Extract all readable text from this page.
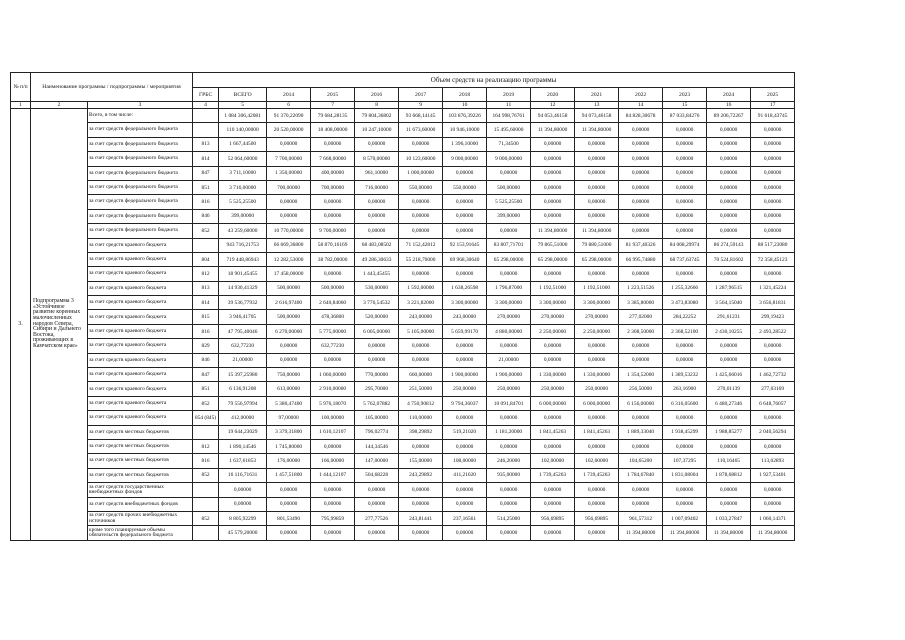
№ п/п	Наименование программы / подпрограммы / мероприятия		Объем средств на реализацию программы													
			ГРБС	ВСЕГО	2014	2015	2016	2017	2018	2019	2020	2021	2022	2023	2024	2025
1	2	3	4	5	6	7	8	9	10	11	12	13	14	15	16	17
3.	Подпрограмма 3 «Устойчивое развитие коренных малочисленных народов Севера, Сибири и Дальнего Востока, проживающих в Камчатском крае»	Всего, в том числе:		1 084 306,42081	91 370,22090	79 684,28135	79 804,36802	93 668,14145	103 876,39226	164 998,76761	94 053,46158	94 073,46158	84 828,30678	87 033,84276	89 206,72267	91 618,43745
		за счет средств федерального бюджета		110 140,00000	20 520,00000	18 408,00000	10 247,10000	11 673,60000	10 946,10000	15 495,60000	11 394,80000	11 394,80000	0,00000	0,00000	0,00000	0,00000
		за счет средств федерального бюджета	813	1 667,44500	0,00000	0,00000	0,00000	0,00000	1 396,10000	71,34500	0,00000	0,00000	0,00000	0,00000	0,00000	0,00000
		за счет средств федерального бюджета	814	52 064,60000	7 700,00000	7 668,00000	8 570,00000	10 123,60000	9 000,00000	9 000,00000	0,00000	0,00000	0,00000	0,00000	0,00000	0,00000
		за счет средств федерального бюджета	847	3 711,10000	1 350,00000	400,00000	961,10000	1 000,00000	0,00000	0,00000	0,00000	0,00000	0,00000	0,00000	0,00000	0,00000
		за счет средств федерального бюджета	851	3 716,00000	700,00000	700,00000	716,00000	550,00000	550,00000	500,00000	0,00000	0,00000	0,00000	0,00000	0,00000	0,00000
		за счет средств федерального бюджета	816	5 525,25500	0,00000	0,00000	0,00000	0,00000	0,00000	5 525,25500	0,00000	0,00000	0,00000	0,00000	0,00000	0,00000
		за счет средств федерального бюджета	846	399,00000	0,00000	0,00000	0,00000	0,00000	0,00000	399,00000	0,00000	0,00000	0,00000	0,00000	0,00000	0,00000
		за счет средств федерального бюджета	852	43 259,60000	10 770,00000	9 700,00000	0,00000	0,00000	0,00000	0,00000	11 394,80000	11 394,80000	0,00000	0,00000	0,00000	0,00000
		за счет средств краевого бюджета		943 716,21753	66 669,36800	58 870,16169	68 483,08502	71 152,42812	92 153,91645	83 807,71701	79 865,51000	79 880,51000	81 937,40326	84 068,29974	86 274,59143	88 517,23080
		за счет средств краевого бюджета	804	719 448,86943	12 282,53000	38 782,00000	49 286,30633	55 218,70000	69 968,30640	65 298,00000	65 298,00000	65 298,00000	66 995,74880	68 737,63745	70 524,81602	72 358,45123
		за счет средств краевого бюджета	812	18 901,45455	17 458,00000	0,00000	1 443,45455	0,00000	0,00000	0,00000	0,00000	0,00000	0,00000	0,00000	0,00000	0,00000
		за счет средств краевого бюджета	813	14 930,41329	500,00000	500,00000	530,00000	1 592,00000	1 638,26598	1 796,87000	1 192,51000	1 192,51000	1 223,51526	1 255,32666	1 287,96515	1 321,45224
		за счет средств краевого бюджета	814	39 536,77932	2 616,97400	2 640,84060	3 776,54532	3 221,82000	3 300,00000	3 300,00000	3 300,00000	3 300,00000	3 385,80000	3 473,83080	3 564,15040	3 656,81831
		за счет средств краевого бюджета	815	3 946,41705	500,00000	478,36800	520,00000	243,00000	243,00000	270,00000	270,00000	270,00000	277,02000	284,22252	291,61231	299,19423
		за счет средств краевого бюджета	816	47 795,40046	6 270,00000	5 775,00000	6 005,00000	5 105,00000	5 659,99170	4 880,00000	2 250,00000	2 250,00000	2 308,50000	2 368,52100	2 430,10255	2 493,28522
		за счет средств краевого бюджета	829	632,77230	0,00000	632,77230	0,00000	0,00000	0,00000	0,00000	0,00000	0,00000	0,00000	0,00000	0,00000	0,00000
		за счет средств краевого бюджета	846	21,00000	0,00000	0,00000	0,00000	0,00000	0,00000	21,00000	0,00000	0,00000	0,00000	0,00000	0,00000	0,00000
		за счет средств краевого бюджета	847	15 397,25980	750,00000	1 060,00000	770,00000	660,00000	1 900,00000	1 900,00000	1 330,00000	1 330,00000	1 354,52000	1 389,53232	1 425,66016	1 462,72732
		за счет средств краевого бюджета	851	6 136,91208	613,00000	2 910,00000	295,70000	251,50000	250,00000	250,00000	250,00000	250,00000	256,50000	263,16900	270,01139	277,03169
		за счет средств краевого бюджета	852	79 556,97994	5 380,47400	5 976,18070	5 762,07882	4 750,90812	9 794,36037	10 091,84701	6 000,00000	6 000,00000	6 156,00000	6 316,05600	6 480,27346	6 648,76057
		за счет средств краевого бюджета	854 (845)	412,00000	97,00000	100,00000	105,00000	110,00000	0,00000	0,00000	0,00000	0,00000	0,00000	0,00000	0,00000	0,00000
		за счет средств местных бюджетов		19 644,23029	3 379,31800	1 610,12107	796,02774	398,29892	519,21020	1 181,20000	1 841,45263	1 841,45263	1 889,33040	1 938,45299	1 988,85277	2 040,56294
		за счет средств местных бюджетов	812	1 890,14546	1 745,80000	0,00000	144,34546	0,00000	0,00000	0,00000	0,00000	0,00000	0,00000	0,00000	0,00000	0,00000
		за счет средств местных бюджетов	816	1 637,61853	176,00000	166,00000	147,00000	155,00000	108,00000	246,20000	102,00000	102,00000	104,65200	107,37295	110,16465	113,02893
		за счет средств местных бюджетов	852	16 116,71631	1 457,51800	1 444,12107	504,68228	243,29892	411,21020	935,00000	1 739,45263	1 739,45263	1 784,67840	1 831,08004	1 878,68812	1 927,53401
		за счет средств государственных внебюджетных фондов		0,00000	0,00000	0,00000	0,00000	0,00000	0,00000	0,00000	0,00000	0,00000	0,00000	0,00000	0,00000	0,00000
		за счет средств внебюджетных фондов		0,00000	0,00000	0,00000	0,00000	0,00000	0,00000	0,00000	0,00000	0,00000	0,00000	0,00000	0,00000	0,00000
		за счет средств прочих внебюджетных источников	852	8 805,92299	801,53490	795,99859	277,77526	243,81441	237,16561	514,25000	956,69895	956,69895	961,57312	1 007,09402	1 033,27847	1 060,14371
		кроме того планируемые объемы обязательств федерального бюджета		45 579,20000	0,00000	0,00000	0,00000	0,00000	0,00000	0,00000	0,00000	0,00000	11 394,80000	11 394,80000	11 394,80000	11 394,80000
